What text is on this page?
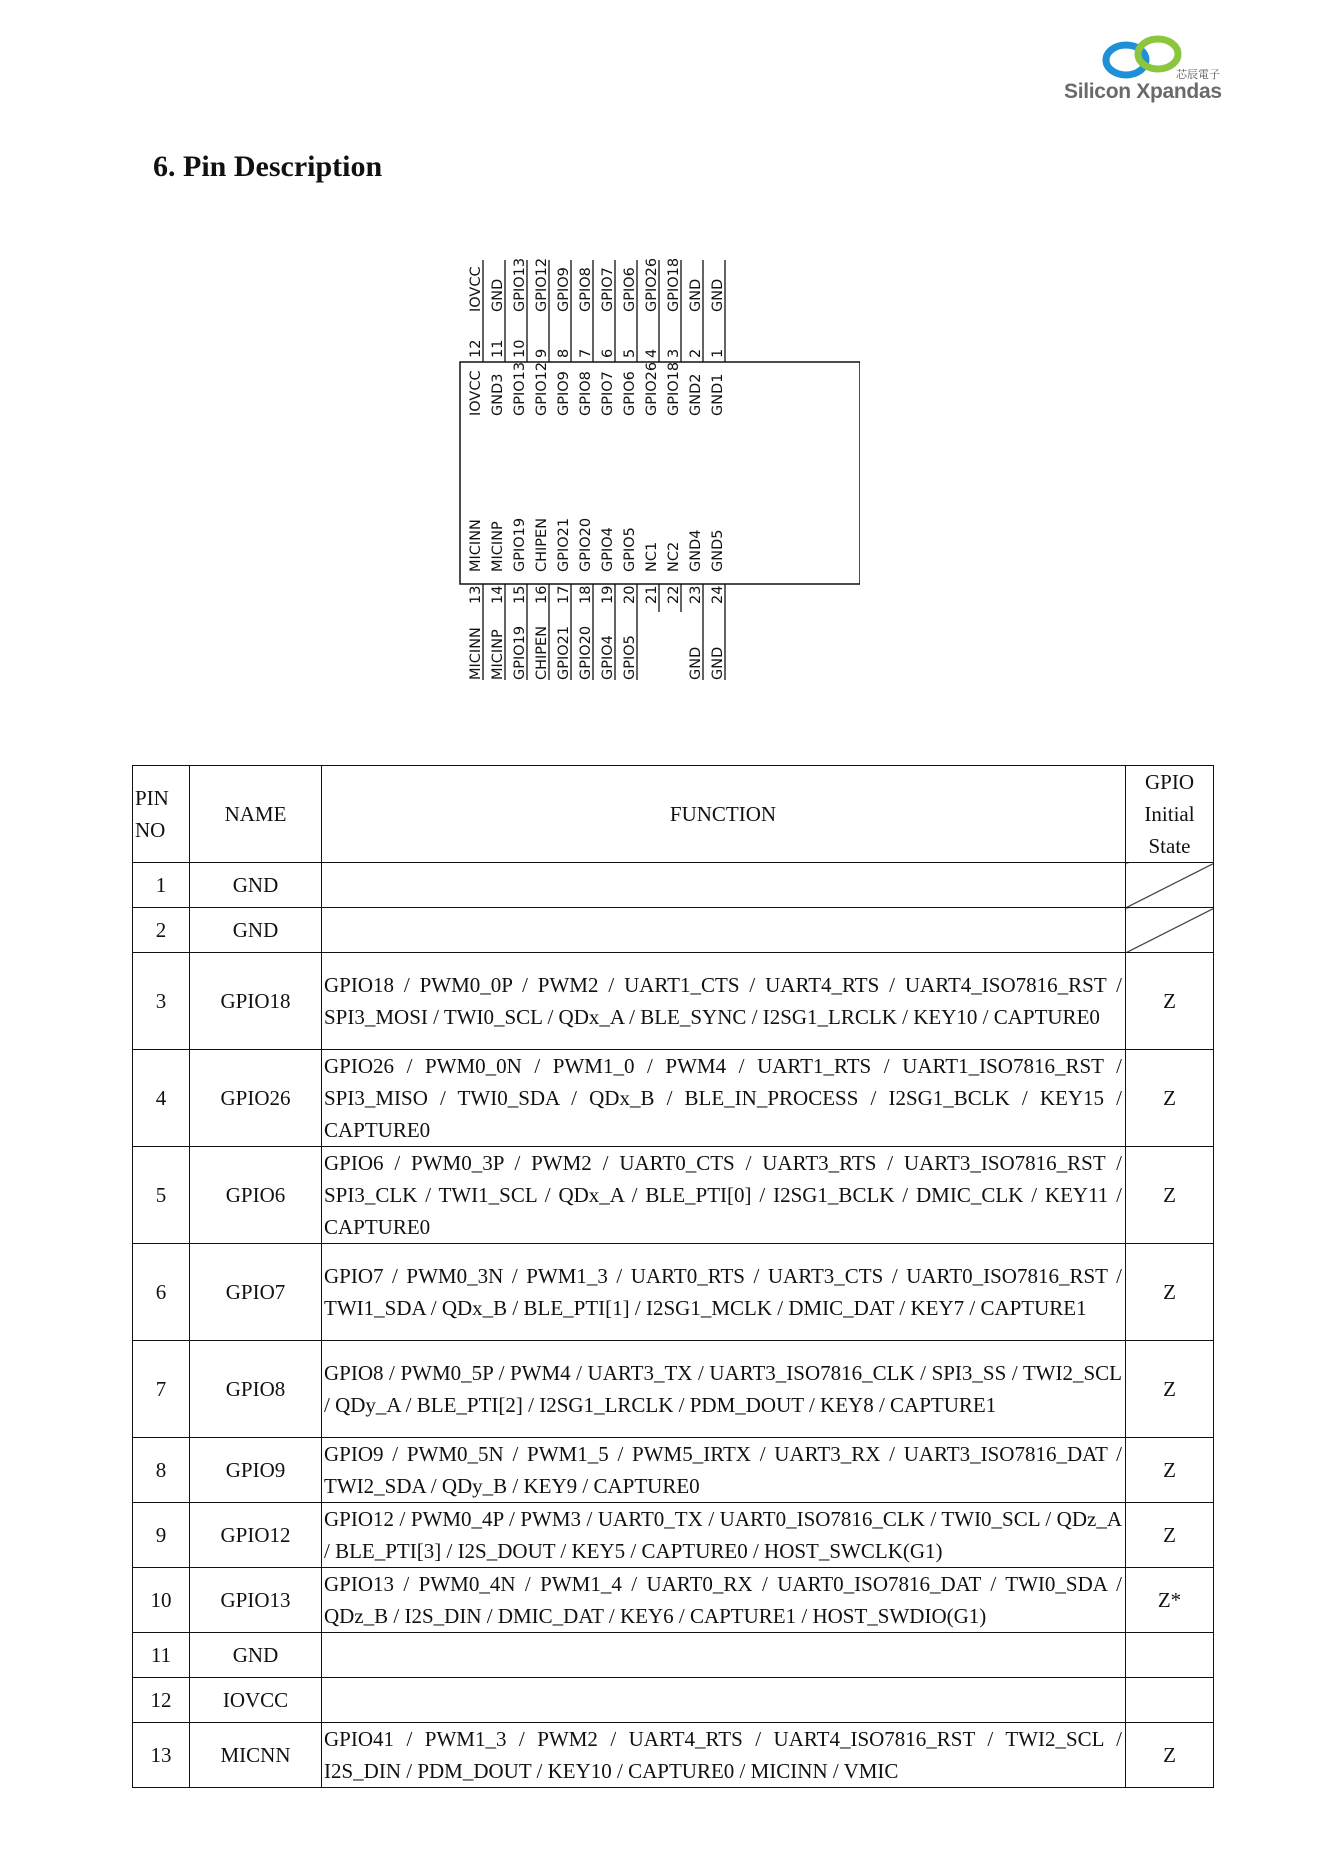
芯辰電子
Silicon Xpandas
6. Pin Description
IOVCC
12
IOVCC
GND
11
GND3
GPIO13
10
GPIO13
GPIO12
9
GPIO12
GPIO9
8
GPIO9
GPIO8
7
GPIO8
GPIO7
6
GPIO7
GPIO6
5
GPIO6
GPIO26
4
GPIO26
GPIO18
3
GPIO18
GND
2
GND2
GND
1
GND1
MICINN
13
MICINN
MICINP
14
MICINP
GPIO19
15
GPIO19
CHIPEN
16
CHIPEN
GPIO21
17
GPIO21
GPIO20
18
GPIO20
GPIO4
19
GPIO4
GPIO5
20
GPIO5
NC1
21
NC2
22
GND4
23
GND
GND5
24
GND
PIN
NO	NAME	FUNCTION	GPIO
Initial
State
1	GND		
2	GND		
3	GPIO18	GPIO18 / PWM0_0P / PWM2 / UART1_CTS / UART4_RTS / UART4_ISO7816_RST / SPI3_MOSI / TWI0_SCL / QDx_A / BLE_SYNC / I2SG1_LRCLK / KEY10 / CAPTURE0	Z
4	GPIO26	GPIO26 / PWM0_0N / PWM1_0 / PWM4 / UART1_RTS / UART1_ISO7816_RST / SPI3_MISO / TWI0_SDA / QDx_B / BLE_IN_PROCESS / I2SG1_BCLK / KEY15 / CAPTURE0	Z
5	GPIO6	GPIO6 / PWM0_3P / PWM2 / UART0_CTS / UART3_RTS / UART3_ISO7816_RST / SPI3_CLK / TWI1_SCL / QDx_A / BLE_PTI[0] / I2SG1_BCLK / DMIC_CLK / KEY11 / CAPTURE0	Z
6	GPIO7	GPIO7 / PWM0_3N / PWM1_3 / UART0_RTS / UART3_CTS / UART0_ISO7816_RST / TWI1_SDA / QDx_B / BLE_PTI[1] / I2SG1_MCLK / DMIC_DAT / KEY7 / CAPTURE1	Z
7	GPIO8	GPIO8 / PWM0_5P / PWM4 / UART3_TX / UART3_ISO7816_CLK / SPI3_SS / TWI2_SCL / QDy_A / BLE_PTI[2] / I2SG1_LRCLK / PDM_DOUT / KEY8 / CAPTURE1	Z
8	GPIO9	GPIO9 / PWM0_5N / PWM1_5 / PWM5_IRTX / UART3_RX / UART3_ISO7816_DAT / TWI2_SDA / QDy_B / KEY9 / CAPTURE0	Z
9	GPIO12	GPIO12 / PWM0_4P / PWM3 / UART0_TX / UART0_ISO7816_CLK / TWI0_SCL / QDz_A / BLE_PTI[3] / I2S_DOUT / KEY5 / CAPTURE0 / HOST_SWCLK(G1)	Z
10	GPIO13	GPIO13 / PWM0_4N / PWM1_4 / UART0_RX / UART0_ISO7816_DAT / TWI0_SDA / QDz_B / I2S_DIN / DMIC_DAT / KEY6 / CAPTURE1 / HOST_SWDIO(G1)	Z*
11	GND		
12	IOVCC		
13	MICNN	GPIO41 / PWM1_3 / PWM2 / UART4_RTS / UART4_ISO7816_RST / TWI2_SCL / I2S_DIN / PDM_DOUT / KEY10 / CAPTURE0 / MICINN / VMIC	Z
